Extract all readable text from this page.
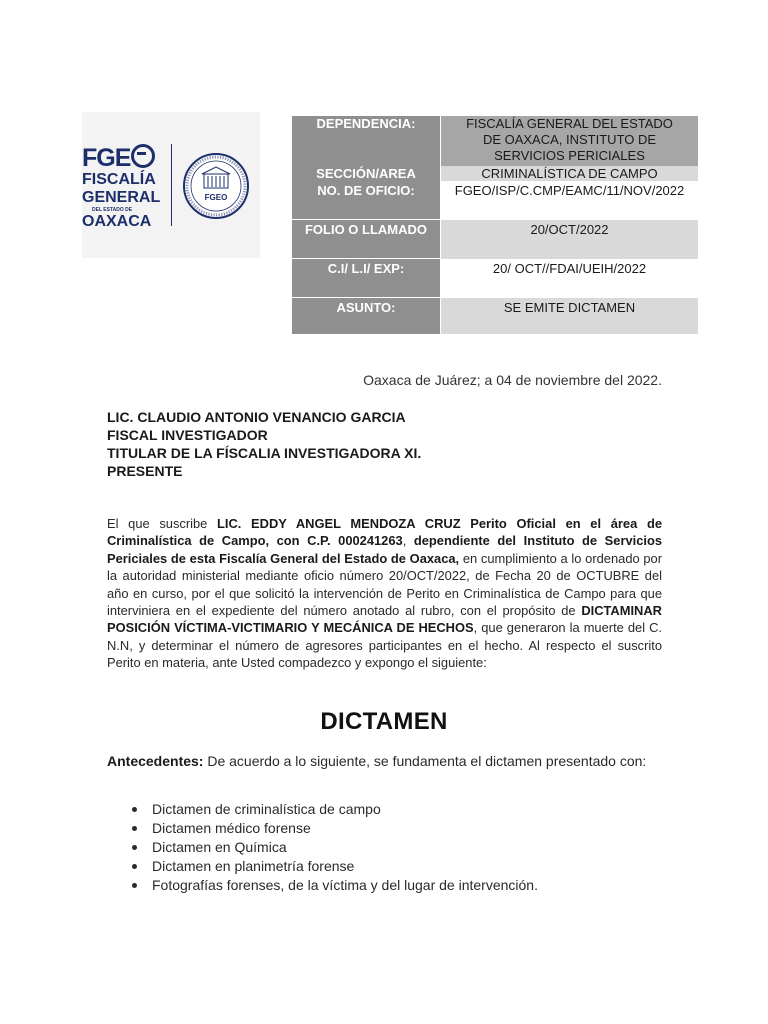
FGE
FISCALÍA
GENERAL
DEL ESTADO DE
OAXACA
FGEO
DEPENDENCIA:	FISCALÍA GENERAL DEL ESTADO
DE OAXACA, INSTITUTO DE
SERVICIOS PERICIALES

SECCIÓN/AREA	CRIMINALÍSTICA DE CAMPO

NO. DE OFICIO:	FGEO/ISP/C.CMP/EAMC/11/NOV/2022

FOLIO O LLAMADO	20/OCT/2022

C.I/ L.I/ EXP:	20/ OCT//FDAI/UEIH/2022

ASUNTO:	SE EMITE DICTAMEN
Oaxaca de Juárez; a 04 de noviembre del 2022.
LIC. CLAUDIO ANTONIO VENANCIO GARCIA
FISCAL INVESTIGADOR
TITULAR DE LA FÍSCALIA INVESTIGADORA XI.
PRESENTE
El que suscribe LIC. EDDY ANGEL MENDOZA CRUZ Perito Oficial en el área de Criminalística de Campo, con C.P. 000241263, dependiente del Instituto de Servicios Periciales de esta Fiscalía General del Estado de Oaxaca, en cumplimiento a lo ordenado por la autoridad ministerial mediante oficio número 20/OCT/2022, de Fecha 20 de OCTUBRE del año en curso, por el que solicitó la intervención de Perito en Criminalística de Campo para que interviniera en el expediente del número anotado al rubro, con el propósito de DICTAMINAR POSICIÓN VÍCTIMA-VICTIMARIO Y MECÁNICA DE HECHOS, que generaron la muerte del C. N.N, y determinar el número de agresores participantes en el hecho. Al respecto el suscrito Perito en materia, ante Usted compadezco y expongo el siguiente:
DICTAMEN
Antecedentes: De acuerdo a lo siguiente, se fundamenta el dictamen presentado con:
Dictamen de criminalística de campo
Dictamen médico forense
Dictamen en Química
Dictamen en planimetría forense
Fotografías forenses, de la víctima y del lugar de intervención.
